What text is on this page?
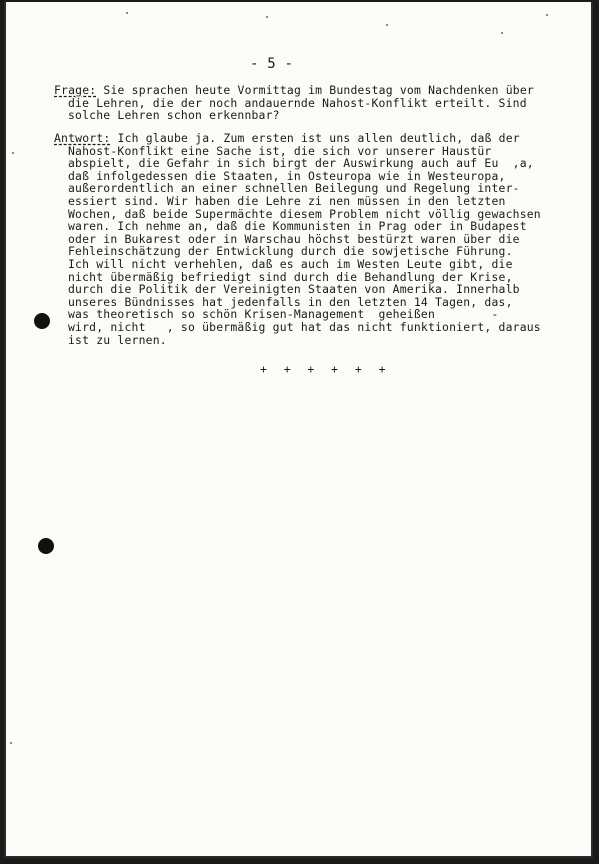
- 5 -
Frage: Sie sprachen heute Vormittag im Bundestag vom Nachdenken über
die Lehren, die der noch andauernde Nahost-Konflikt erteilt. Sind
solche Lehren schon erkennbar?
Antwort: Ich glaube ja. Zum ersten ist uns allen deutlich, daß der
Nahost-Konflikt eine Sache ist, die sich vor unserer Haustür
abspielt, die Gefahr in sich birgt der Auswirkung auch auf Eu  ,a,
daß infolgedessen die Staaten, in Osteuropa wie in Westeuropa,
außerordentlich an einer schnellen Beilegung und Regelung inter-
essiert sind. Wir haben die Lehre zi nen müssen in den letzten
Wochen, daß beide Supermächte diesem Problem nicht völlig gewachsen
waren. Ich nehme an, daß die Kommunisten in Prag oder in Budapest
oder in Bukarest oder in Warschau höchst bestürzt waren über die
Fehleinschätzung der Entwicklung durch die sowjetische Führung.
Ich will nicht verhehlen, daß es auch im Westen Leute gibt, die
nicht übermäßig befriedigt sind durch die Behandlung der Krise,
durch die Politik der Vereinigten Staaten von Amerika. Innerhalb
unseres Bündnisses hat jedenfalls in den letzten 14 Tagen, das,
was theoretisch so schön Krisen-Management  geheißen        -
wird, nicht   , so übermäßig gut hat das nicht funktioniert, daraus
ist zu lernen.
+ + + + + +
